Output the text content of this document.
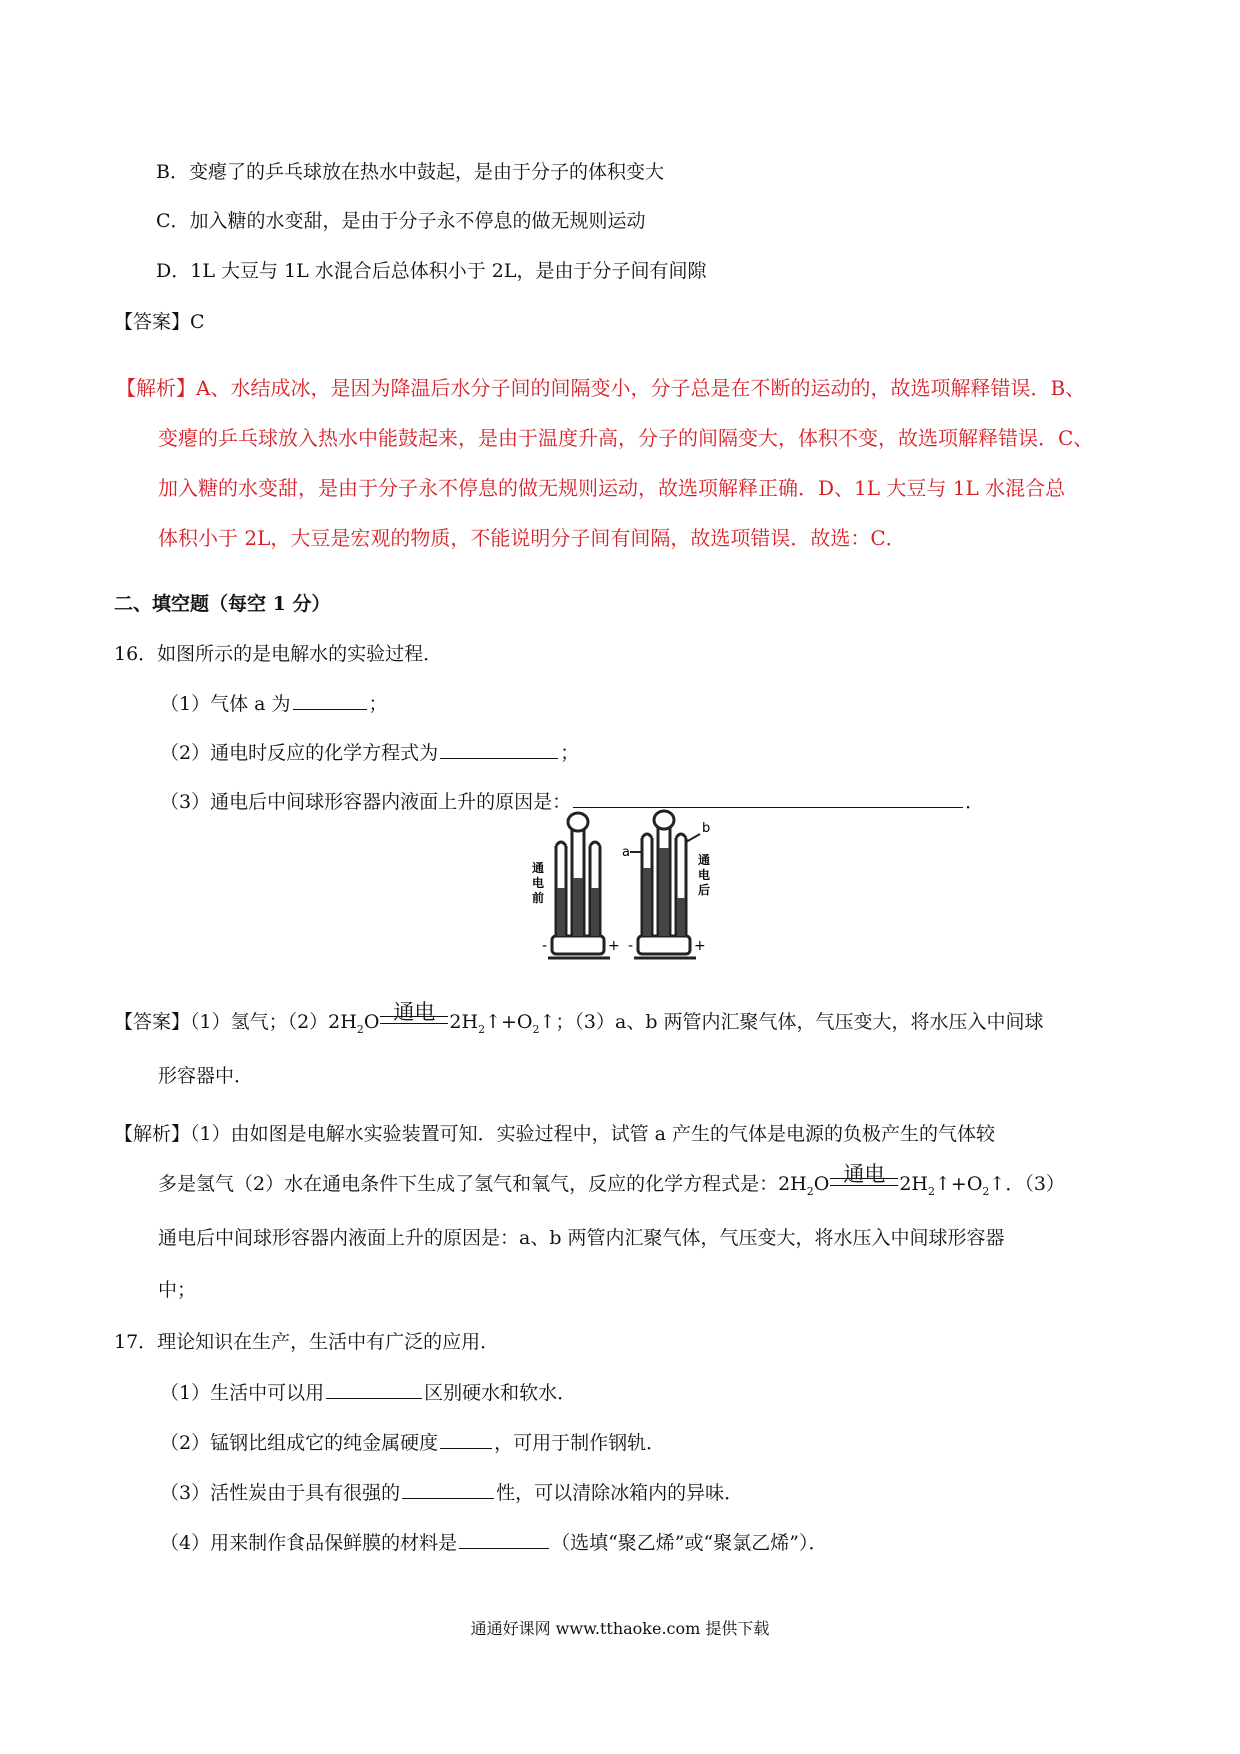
B．变瘪了的乒乓球放在热水中鼓起，是由于分子的体积变大
C．加入糖的水变甜，是由于分子永不停息的做无规则运动
D．1L 大豆与 1L 水混合后总体积小于 2L，是由于分子间有间隙
【答案】C
【解析】A、水结成冰，是因为降温后水分子间的间隔变小，分子总是在不断的运动的，故选项解释错误．B、
变瘪的乒乓球放入热水中能鼓起来，是由于温度升高，分子的间隔变大，体积不变，故选项解释错误．C、
加入糖的水变甜，是由于分子永不停息的做无规则运动，故选项解释正确．D、1L 大豆与 1L 水混合总
体积小于 2L，大豆是宏观的物质，不能说明分子间有间隔，故选项错误．故选：C．
二、填空题（每空 1 分）
16．如图所示的是电解水的实验过程．
（1）气体 a 为	；
（2）通电时反应的化学方程式为	；
（3）通电后中间球形容器内液面上升的原因是：	．
通电前
通电后
a
b
-	+ -	+
【答案】（1）氢气；$(2)2H_2O$ 通电 $2H_2↑+O_2↑$；（3）a、b 两管内汇聚气体，气压变大，将水压入中间球
形容器中．
【解析】（1）由如图是电解水实验装置可知．实验过程中，试管 a 产生的气体是电源的负极产生的气体较
多是氢气（2）水在通电条件下生成了氢气和氧气，反应的化学方程式是：$2H_2O$ 通电 $2H_2↑+O_2↑$．（3）
通电后中间球形容器内液面上升的原因是：a、b 两管内汇聚气体，气压变大，将水压入中间球形容器
中；
17．理论知识在生产，生活中有广泛的应用．
（1）生活中可以用	区别硬水和软水．
（2）锰钢比组成它的纯金属硬度	，可用于制作钢轨．
（3）活性炭由于具有很强的	性，可以清除冰箱内的异味．
（4）用来制作食品保鲜膜的材料是	（选填“聚乙烯”或“聚氯乙烯”）．
通通好课网 www.tthaoke.com 提供下载
